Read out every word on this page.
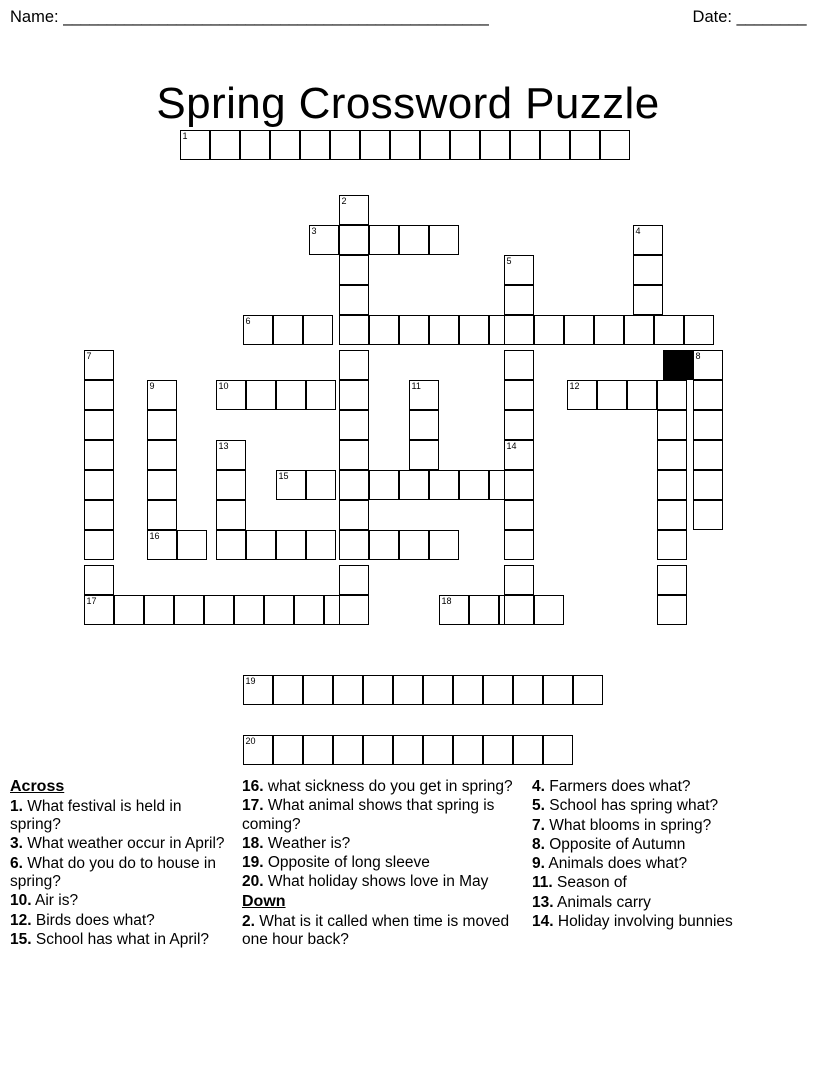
Name: _________________________________________________	Date: ________
Spring Crossword Puzzle
1
2
3	4
5
6
7	8
9	10	11	12
13	14
15
16
17	18
19
20
Across
1. What festival is held in spring?
3. What weather occur in April?
6. What do you do to house in spring?
10. Air is?
12. Birds does what?
15. School has what in April?
16. what sickness do you get in spring?
17. What animal shows that spring is coming?
18. Weather is?
19. Opposite of long sleeve
20. What holiday shows love in May
Down
2. What is it called when time is moved one hour back?
4. Farmers does what?
5. School has spring what?
7. What blooms in spring?
8. Opposite of Autumn
9. Animals does what?
11. Season of
13. Animals carry
14. Holiday involving bunnies
